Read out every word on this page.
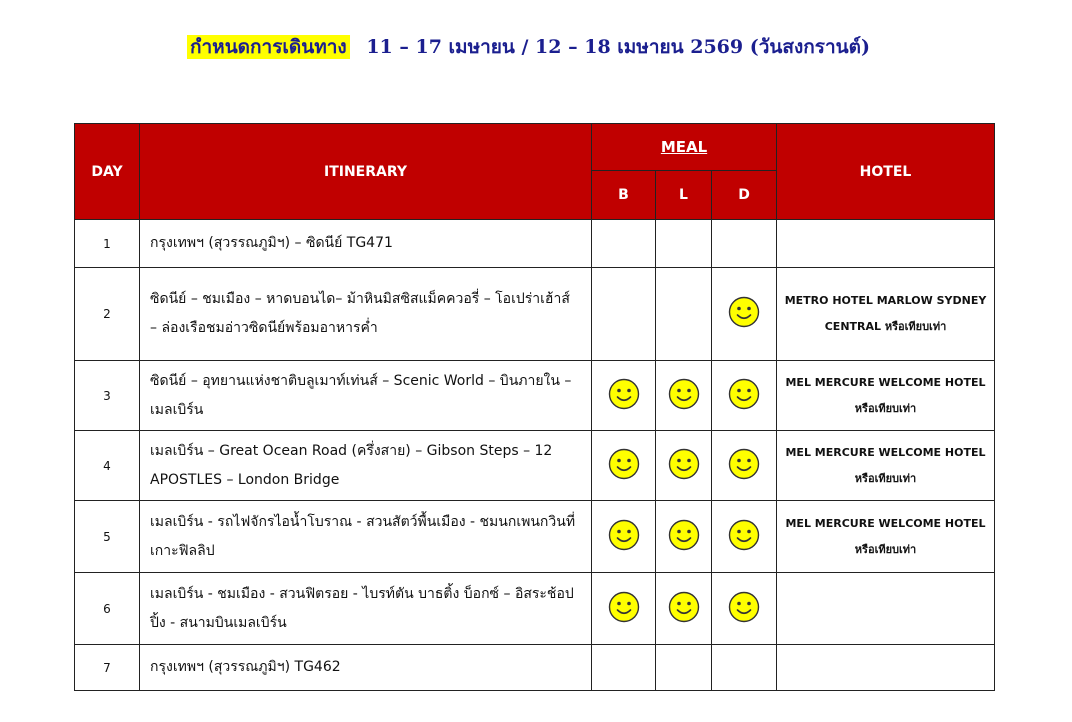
กำหนดการเดินทาง 11 – 17 เมษายน / 12 – 18 เมษายน 2569 (วันสงกรานต์)
DAY	ITINERARY	MEAL			HOTEL
		B	L	D	
1	กรุงเทพฯ (สุวรรณภูมิฯ) – ซิดนีย์ TG471				
2	ซิดนีย์ – ชมเมือง – หาดบอนได– ม้าหินมิสซิสแม็คควอรี่ – โอเปร่าเฮ้าส์ – ล่องเรือชมอ่าวซิดนีย์พร้อมอาหารค่ำ				METRO HOTEL MARLOW SYDNEY CENTRAL หรือเทียบเท่า
3	ซิดนีย์ – อุทยานแห่งชาติบลูเมาท์เท่นส์ – Scenic World – บินภายใน – เมลเบิร์น				MEL MERCURE WELCOME HOTEL หรือเทียบเท่า
4	เมลเบิร์น – Great Ocean Road (ครึ่งสาย) – Gibson Steps – 12 APOSTLES – London Bridge				MEL MERCURE WELCOME HOTEL หรือเทียบเท่า
5	เมลเบิร์น - รถไฟจักรไอน้ำโบราณ - สวนสัตว์พื้นเมือง - ชมนกเพนกวินที่เกาะฟิลลิป				MEL MERCURE WELCOME HOTEL หรือเทียบเท่า
6	เมลเบิร์น - ชมเมือง - สวนฟิตรอย - ไบรท์ตัน บาธติ้ง บ็อกซ์ – อิสระช้อปปิ้ง - สนามบินเมลเบิร์น				
7	กรุงเทพฯ (สุวรรณภูมิฯ) TG462				
